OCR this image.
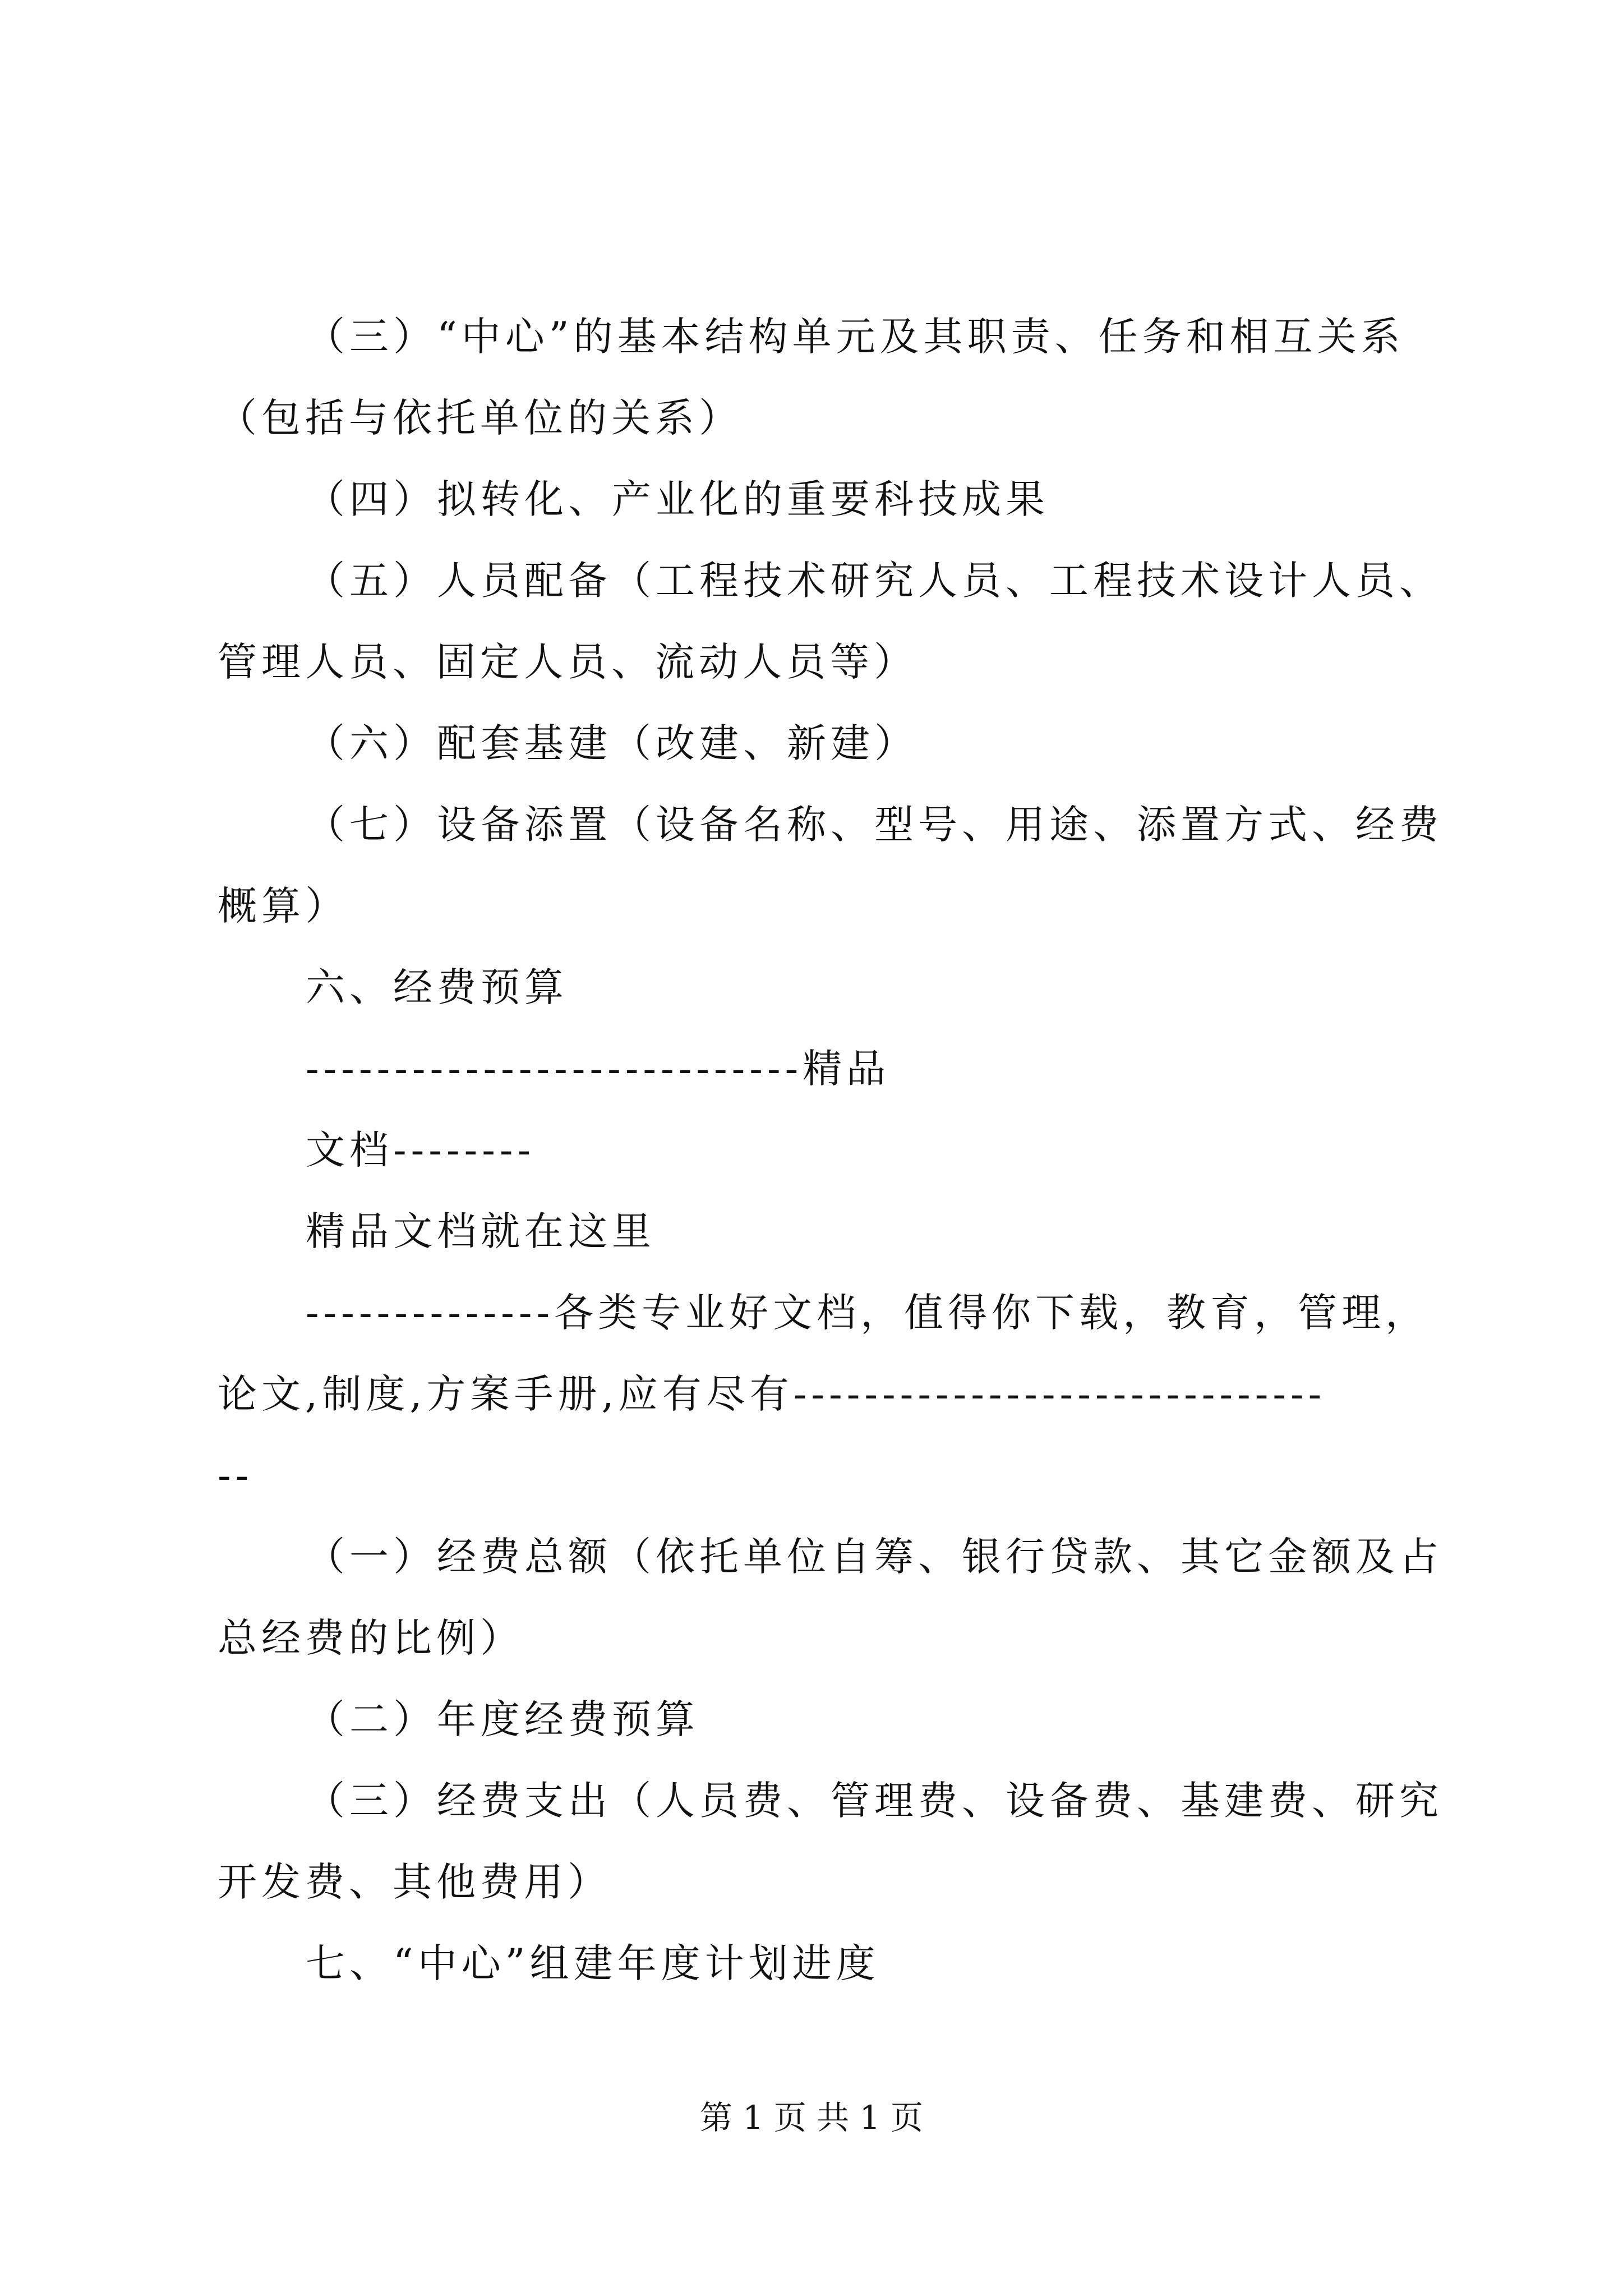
（三）“中心”的基本结构单元及其职责、任务和相互关系
（包括与依托单位的关系）
（四）拟转化、产业化的重要科技成果
（五）人员配备（工程技术研究人员、工程技术设计人员、
管理人员、固定人员、流动人员等）
（六）配套基建（改建、新建）
（七）设备添置（设备名称、型号、用途、添置方式、经费
概算）
六、经费预算
----------------------------精品
文档--------
精品文档就在这里
--------------各类专业好文档，值得你下载，教育，管理，
论文,制度,方案手册,应有尽有------------------------------
--
（一）经费总额（依托单位自筹、银行贷款、其它金额及占
总经费的比例）
（二）年度经费预算
（三）经费支出（人员费、管理费、设备费、基建费、研究
开发费、其他费用）
七、“中心”组建年度计划进度
第 1 页 共 1 页
